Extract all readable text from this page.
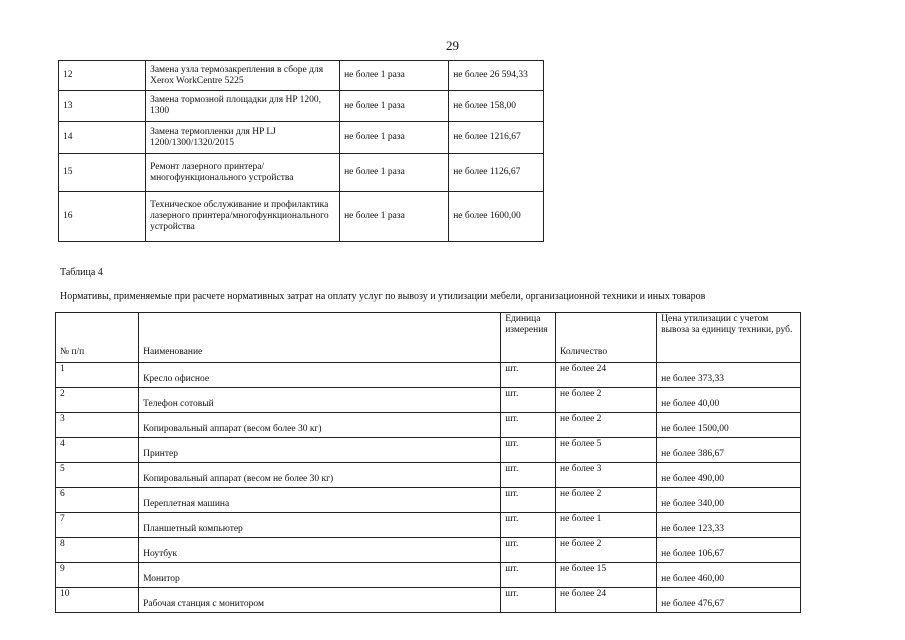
29
12	Замена узла термозакрепления в сборе для Xerox WorkCentre 5225	не более 1 раза	не более 26 594,33
13	Замена тормозной площадки для HP 1200, 1300	не более 1 раза	не более 158,00
14	Замена термопленки для HP LJ 1200/1300/1320/2015	не более 1 раза	не более 1216,67
15	Ремонт лазерного принтера/многофункционального устройства	не более 1 раза	не более 1126,67
16	Техническое обслуживание и профилактика лазерного принтера/многофункционального устройства	не более 1 раза	не более 1600,00
Таблица 4
Нормативы, применяемые при расчете нормативных затрат на оплату услуг по вывозу и утилизации мебели, организационной техники и иных товаров
№ п/п	Наименование	Единица измерения	Количество	Цена утилизации с учетом вывоза за единицу техники, руб.
1	Кресло офисное	шт.	не более 24	не более 373,33
2	Телефон сотовый	шт.	не более 2	не более 40,00
3	Копировальный аппарат (весом более 30 кг)	шт.	не более 2	не более 1500,00
4	Принтер	шт.	не более 5	не более 386,67
5	Копировальный аппарат (весом не более 30 кг)	шт.	не более 3	не более 490,00
6	Переплетная машина	шт.	не более 2	не более 340,00
7	Планшетный компьютер	шт.	не более 1	не более 123,33
8	Ноутбук	шт.	не более 2	не более 106,67
9	Монитор	шт.	не более 15	не более 460,00
10	Рабочая станция с монитором	шт.	не более 24	не более 476,67
